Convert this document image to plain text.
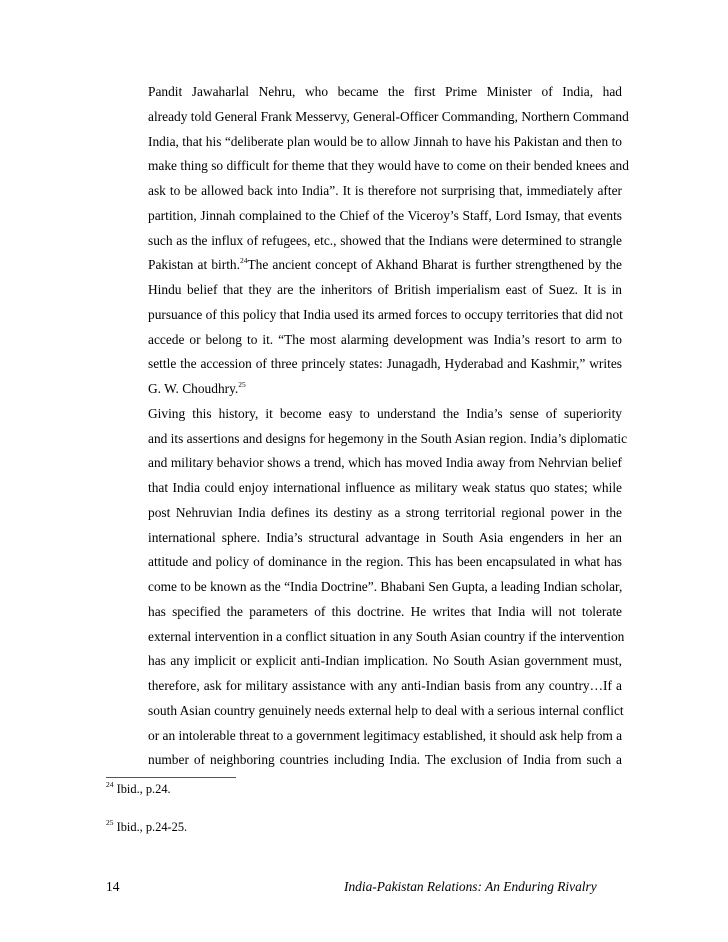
Pandit Jawaharlal Nehru, who became the first Prime Minister of India, had
already told General Frank Messervy, General-Officer Commanding, Northern Command
India, that his “deliberate plan would be to allow Jinnah to have his Pakistan and then to
make thing so difficult for theme that they would have to come on their bended knees and
ask to be allowed back into India”. It is therefore not surprising that, immediately after
partition, Jinnah complained to the Chief of the Viceroy’s Staff, Lord Ismay, that events
such as the influx of refugees, etc., showed that the Indians were determined to strangle
Pakistan at birth.$^{24}$The ancient concept of Akhand Bharat is further strengthened by the
Hindu belief that they are the inheritors of British imperialism east of Suez. It is in
pursuance of this policy that India used its armed forces to occupy territories that did not
accede or belong to it. “The most alarming development was India’s resort to arm to
settle the accession of three princely states: Junagadh, Hyderabad and Kashmir,” writes
G. W. Choudhry.$^{25}$
Giving this history, it become easy to understand the India’s sense of superiority
and its assertions and designs for hegemony in the South Asian region. India’s diplomatic
and military behavior shows a trend, which has moved India away from Nehrvian belief
that India could enjoy international influence as military weak status quo states; while
post Nehruvian India defines its destiny as a strong territorial regional power in the
international sphere. India’s structural advantage in South Asia engenders in her an
attitude and policy of dominance in the region. This has been encapsulated in what has
come to be known as the “India Doctrine”. Bhabani Sen Gupta, a leading Indian scholar,
has specified the parameters of this doctrine. He writes that India will not tolerate
external intervention in a conflict situation in any South Asian country if the intervention
has any implicit or explicit anti-Indian implication. No South Asian government must,
therefore, ask for military assistance with any anti-Indian basis from any country…If a
south Asian country genuinely needs external help to deal with a serious internal conflict
or an intolerable threat to a government legitimacy established, it should ask help from a
number of neighboring countries including India. The exclusion of India from such a
$^{24}$ Ibid., p.24.
$^{25}$ Ibid., p.24-25.
14	India-Pakistan Relations: An Enduring Rivalry
